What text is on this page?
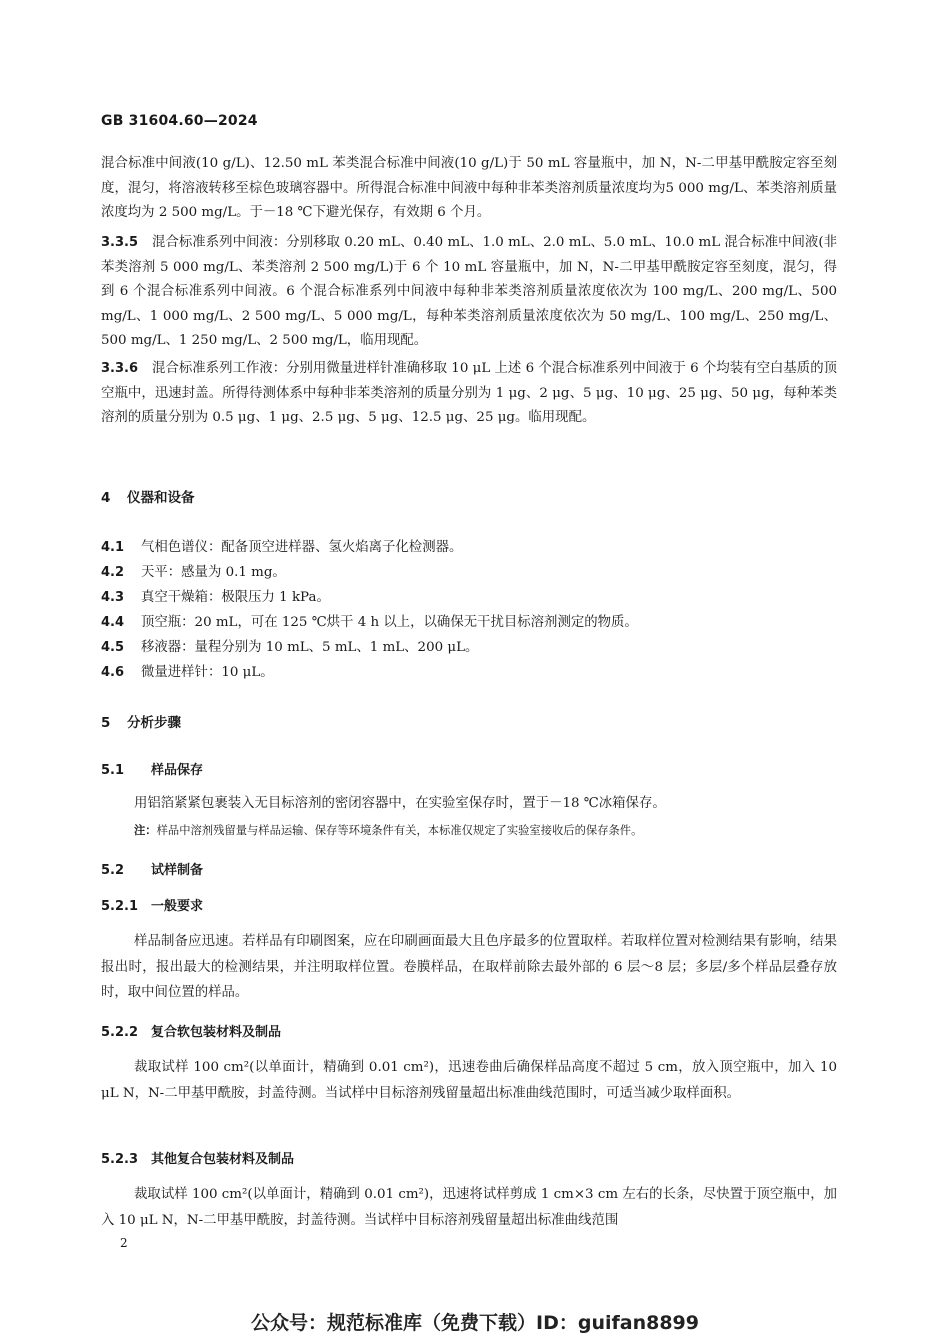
GB 31604.60—2024

混合标准中间液(10 g/L)、12.50 mL 苯类混合标准中间液(10 g/L)于 50 mL 容量瓶中，加 N，N-二甲基甲酰胺定容至刻度，混匀，将溶液转移至棕色玻璃容器中。所得混合标准中间液中每种非苯类溶剂质量浓度均为5 000 mg/L、苯类溶剂质量浓度均为 2 500 mg/L。于－18 ℃下避光保存，有效期 6 个月。

3.3.5 混合标准系列中间液：分别移取 0.20 mL、0.40 mL、1.0 mL、2.0 mL、5.0 mL、10.0 mL 混合标准中间液(非苯类溶剂 5 000 mg/L、苯类溶剂 2 500 mg/L)于 6 个 10 mL 容量瓶中，加 N，N-二甲基甲酰胺定容至刻度，混匀，得到 6 个混合标准系列中间液。6 个混合标准系列中间液中每种非苯类溶剂质量浓度依次为 100 mg/L、200 mg/L、500 mg/L、1 000 mg/L、2 500 mg/L、5 000 mg/L，每种苯类溶剂质量浓度依次为 50 mg/L、100 mg/L、250 mg/L、500 mg/L、1 250 mg/L、2 500 mg/L，临用现配。

3.3.6 混合标准系列工作液：分别用微量进样针准确移取 10 μL 上述 6 个混合标准系列中间液于 6 个均装有空白基质的顶空瓶中，迅速封盖。所得待测体系中每种非苯类溶剂的质量分别为 1 μg、2 μg、5 μg、10 μg、25 μg、50 μg，每种苯类溶剂的质量分别为 0.5 μg、1 μg、2.5 μg、5 μg、12.5 μg、25 μg。临用现配。

4 仪器和设备
4.1 气相色谱仪：配备顶空进样器、氢火焰离子化检测器。
4.2 天平：感量为 0.1 mg。
4.3 真空干燥箱：极限压力 1 kPa。
4.4 顶空瓶：20 mL，可在 125 ℃烘干 4 h 以上，以确保无干扰目标溶剂测定的物质。
4.5 移液器：量程分别为 10 mL、5 mL、1 mL、200 μL。
4.6 微量进样针：10 μL。
5 分析步骤
5.1 样品保存

用铝箔紧紧包裹装入无目标溶剂的密闭容器中，在实验室保存时，置于－18 ℃冰箱保存。

注：样品中溶剂残留量与样品运输、保存等环境条件有关，本标准仅规定了实验室接收后的保存条件。
5.2 试样制备
5.2.1 一般要求

样品制备应迅速。若样品有印刷图案，应在印刷画面最大且色序最多的位置取样。若取样位置对检测结果有影响，结果报出时，报出最大的检测结果，并注明取样位置。卷膜样品，在取样前除去最外部的 6 层～8 层；多层/多个样品层叠存放时，取中间位置的样品。

5.2.2 复合软包装材料及制品

裁取试样 100 cm²(以单面计，精确到 0.01 cm²)，迅速卷曲后确保样品高度不超过 5 cm，放入顶空瓶中，加入 10 μL N，N-二甲基甲酰胺，封盖待测。当试样中目标溶剂残留量超出标准曲线范围时，可适当减少取样面积。

5.2.3 其他复合包装材料及制品

裁取试样 100 cm²(以单面计，精确到 0.01 cm²)，迅速将试样剪成 1 cm×3 cm 左右的长条，尽快置于顶空瓶中，加入 10 μL N，N-二甲基甲酰胺，封盖待测。当试样中目标溶剂残留量超出标准曲线范围

2
公众号：规范标准库（免费下载）ID：guifan8899
